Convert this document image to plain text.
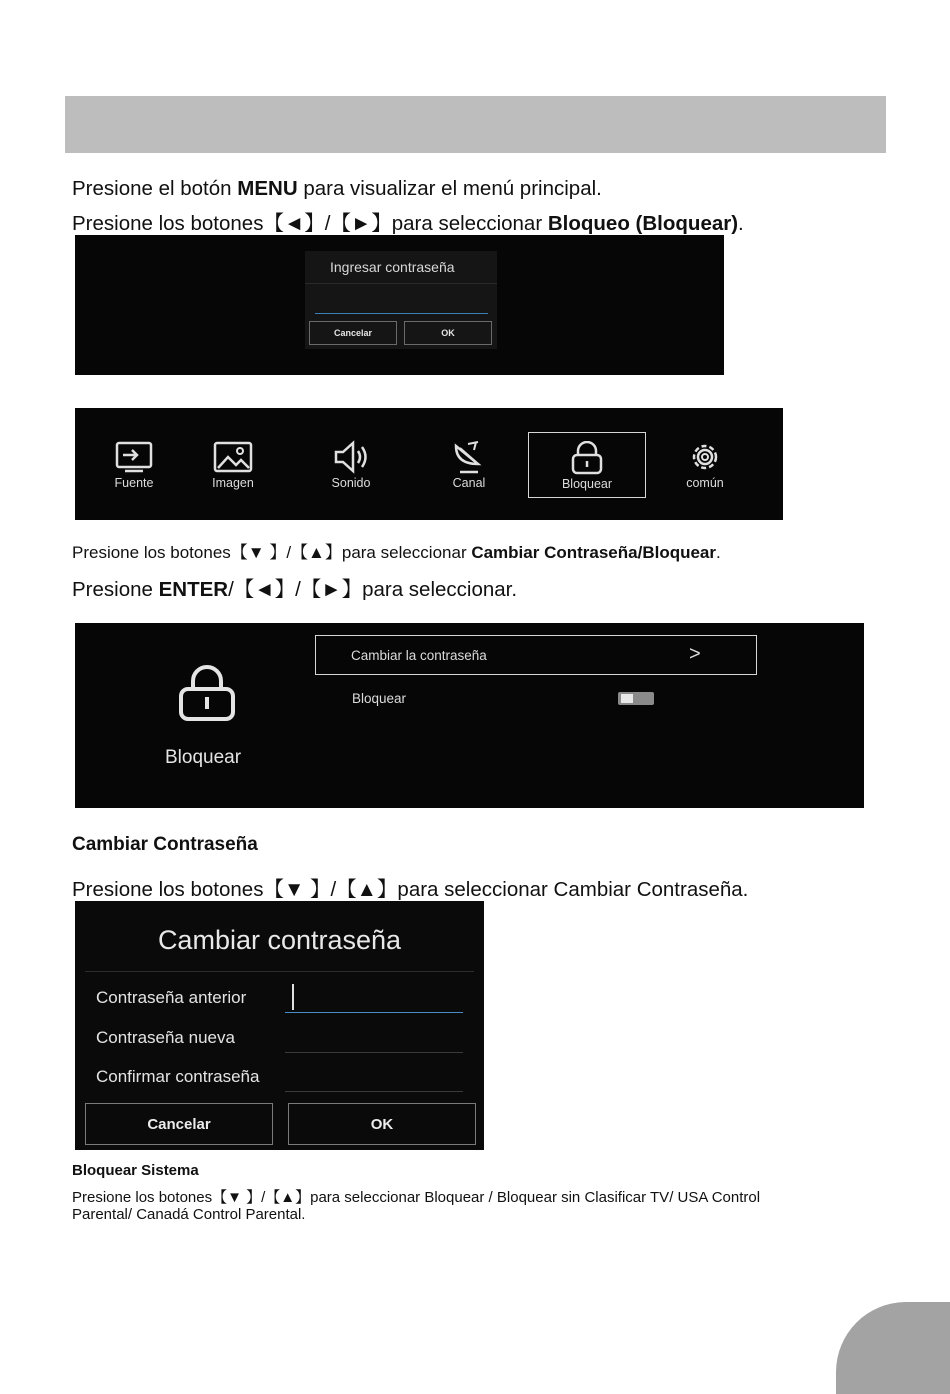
Presione el botón MENU para visualizar el menú principal.
Presione los botones【◄】/【►】para seleccionar Bloqueo (Bloquear).
Ingresar contraseña
Cancelar	OK
Fuente	Imagen	Sonido	Canal	Bloquear	común
Presione los botones【▼ 】/【▲】para seleccionar Cambiar Contraseña/Bloquear.
Presione ENTER/【◄】/【►】para seleccionar.
Bloquear
Cambiar la contraseña	>
Bloquear
Cambiar Contraseña
Presione los botones【▼ 】/【▲】para seleccionar Cambiar Contraseña.
Cambiar contraseña
Contraseña anterior
Contraseña nueva
Confirmar contraseña
Cancelar	OK
Bloquear Sistema
Presione los botones【▼ 】/【▲】para seleccionar Bloquear / Bloquear sin Clasificar TV/ USA Control
Parental/ Canadá Control Parental.
